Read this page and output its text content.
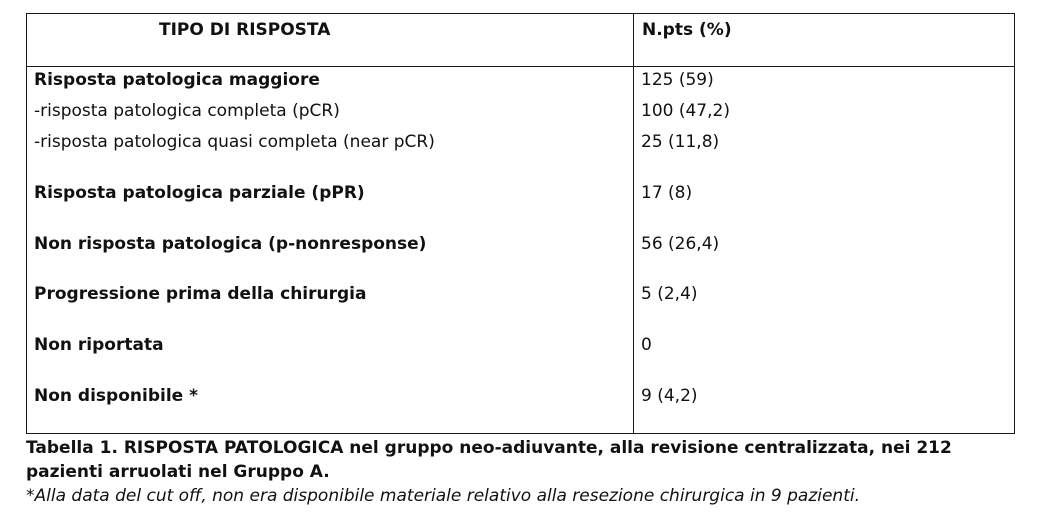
TIPO DI RISPOSTA	N.pts (%)
Risposta patologica maggiore	125 (59)
-risposta patologica completa (pCR)	100 (47,2)
-risposta patologica quasi completa (near pCR)	25 (11,8)
Risposta patologica parziale (pPR)	17 (8)
Non risposta patologica (p-nonresponse)	56 (26,4)
Progressione prima della chirurgia	5 (2,4)
Non riportata	0
Non disponibile *	9 (4,2)
Tabella 1. RISPOSTA PATOLOGICA nel gruppo neo-adiuvante, alla revisione centralizzata, nei 212 pazienti arruolati nel Gruppo A.
*Alla data del cut off, non era disponibile materiale relativo alla resezione chirurgica in 9 pazienti.
